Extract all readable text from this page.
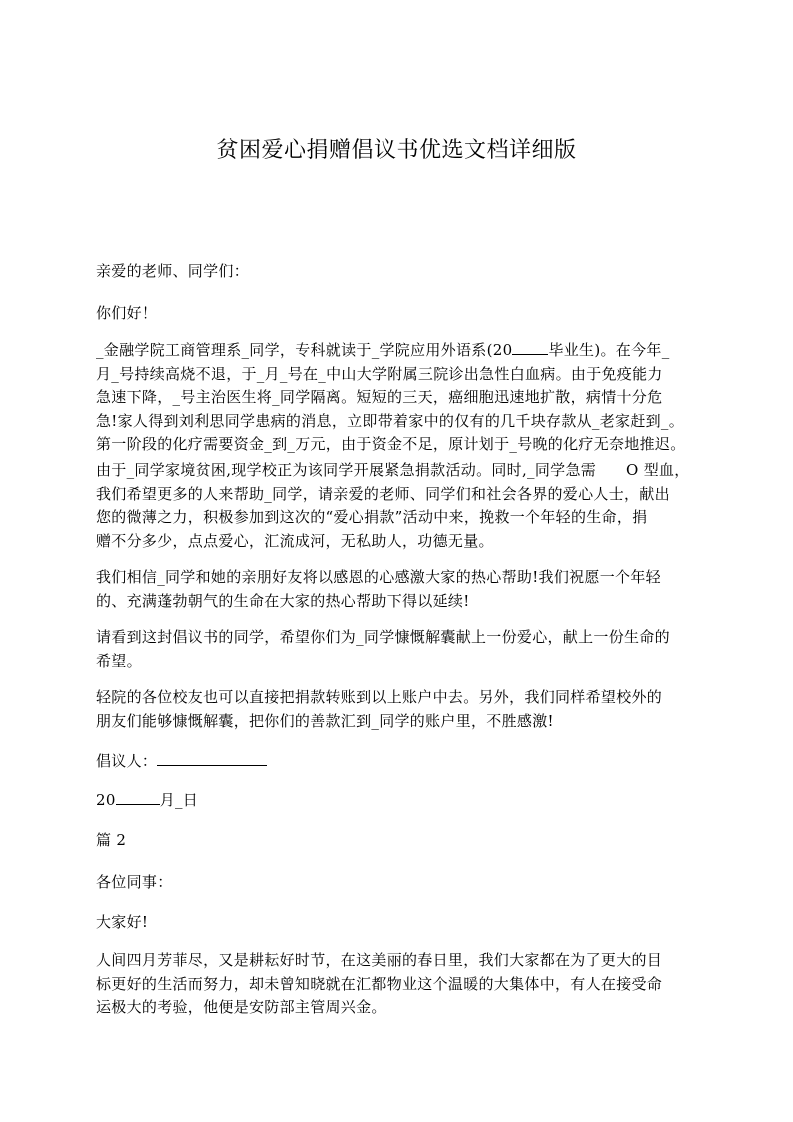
贫困爱心捐赠倡议书优选文档详细版
亲爱的老师、同学们：
你们好！
_金融学院工商管理系_同学，专科就读于_学院应用外语系(20 毕业生)。在今年_
月_号持续高烧不退，于_月_号在_中山大学附属三院诊出急性白血病。由于免疫能力
急速下降，_号主治医生将_同学隔离。短短的三天，癌细胞迅速地扩散，病情十分危
急!家人得到刘利思同学患病的消息，立即带着家中的仅有的几千块存款从_老家赶到_。
第一阶段的化疗需要资金_到_万元，由于资金不足，原计划于_号晚的化疗无奈地推迟。
由于_同学家境贫困,现学校正为该同学开展紧急捐款活动。同时,_同学急需 O 型血，
我们希望更多的人来帮助_同学，请亲爱的老师、同学们和社会各界的爱心人士，献出
您的微薄之力，积极参加到这次的“爱心捐款”活动中来，挽救一个年轻的生命，捐
赠不分多少，点点爱心，汇流成河，无私助人，功德无量。
我们相信_同学和她的亲朋好友将以感恩的心感激大家的热心帮助!我们祝愿一个年轻
的、充满蓬勃朝气的生命在大家的热心帮助下得以延续!
请看到这封倡议书的同学，希望你们为_同学慷慨解囊献上一份爱心，献上一份生命的
希望。
轻院的各位校友也可以直接把捐款转账到以上账户中去。另外，我们同样希望校外的
朋友们能够慷慨解囊，把你们的善款汇到_同学的账户里，不胜感激!
倡议人：
20	月_日
篇 2
各位同事：
大家好!
人间四月芳菲尽，又是耕耘好时节，在这美丽的春日里，我们大家都在为了更大的目
标更好的生活而努力，却未曾知晓就在汇都物业这个温暖的大集体中，有人在接受命
运极大的考验，他便是安防部主管周兴金。
